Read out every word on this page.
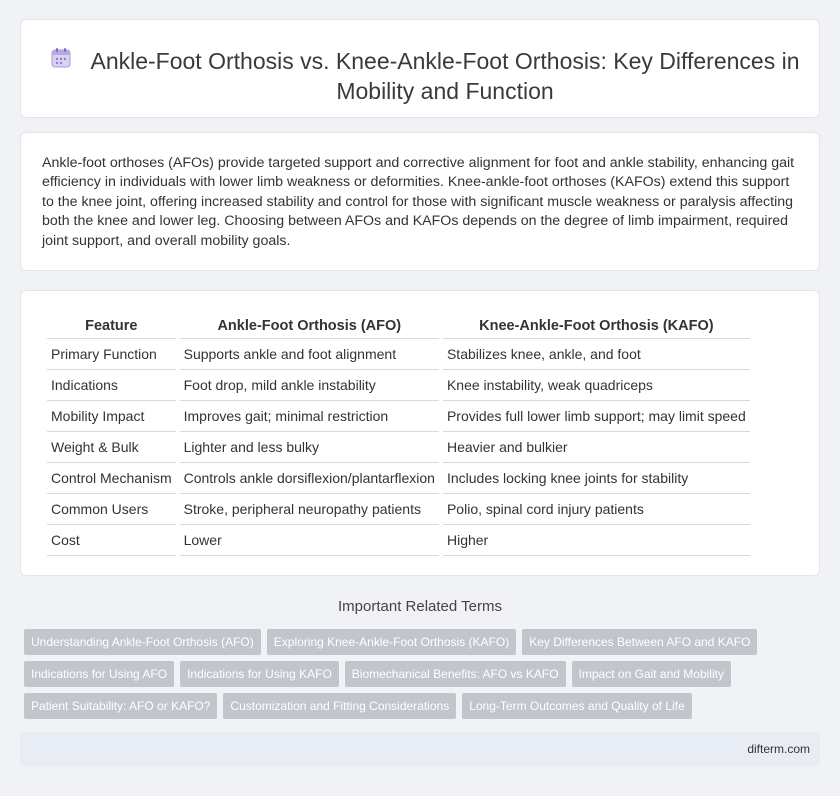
Ankle-Foot Orthosis vs. Knee-Ankle-Foot Orthosis: Key Differences in Mobility and Function

Ankle-foot orthoses (AFOs) provide targeted support and corrective alignment for foot and ankle stability, enhancing gait efficiency in individuals with lower limb weakness or deformities. Knee-ankle-foot orthoses (KAFOs) extend this support to the knee joint, offering increased stability and control for those with significant muscle weakness or paralysis affecting both the knee and lower leg. Choosing between AFOs and KAFOs depends on the degree of limb impairment, required joint support, and overall mobility goals.

Feature	Ankle-Foot Orthosis (AFO)	Knee-Ankle-Foot Orthosis (KAFO)
Primary Function	Supports ankle and foot alignment	Stabilizes knee, ankle, and foot
Indications	Foot drop, mild ankle instability	Knee instability, weak quadriceps
Mobility Impact	Improves gait; minimal restriction	Provides full lower limb support; may limit speed
Weight & Bulk	Lighter and less bulky	Heavier and bulkier
Control Mechanism	Controls ankle dorsiflexion/plantarflexion	Includes locking knee joints for stability
Common Users	Stroke, peripheral neuropathy patients	Polio, spinal cord injury patients
Cost	Lower	Higher
Important Related Terms
Understanding Ankle-Foot Orthosis (AFO)	Exploring Knee-Ankle-Foot Orthosis (KAFO)	Key Differences Between AFO and KAFO
Indications for Using AFO	Indications for Using KAFO	Biomechanical Benefits: AFO vs KAFO	Impact on Gait and Mobility
Patient Suitability: AFO or KAFO?	Customization and Fitting Considerations	Long-Term Outcomes and Quality of Life
difterm.com
